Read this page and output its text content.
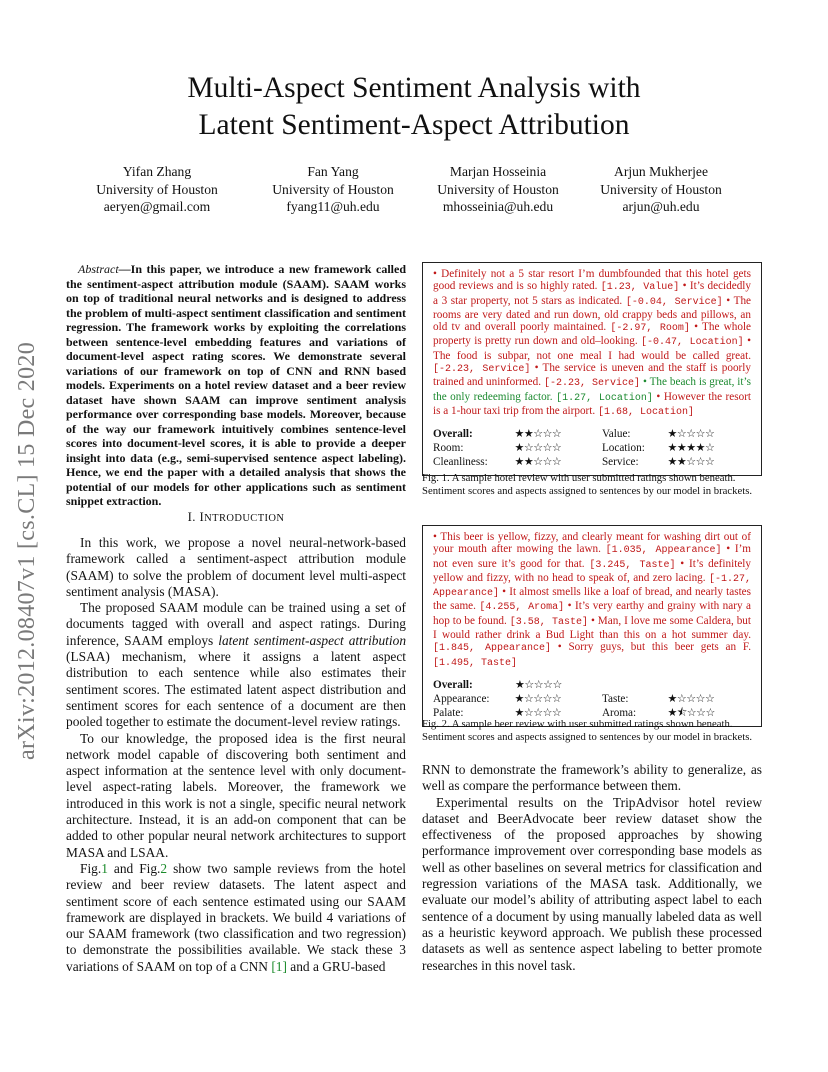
arXiv:2012.08407v1 [cs.CL] 15 Dec 2020
Multi-Aspect Sentiment Analysis with
Latent Sentiment-Aspect Attribution
Yifan Zhang
University of Houston
aeryen@gmail.com
Fan Yang
University of Houston
fyang11@uh.edu
Marjan Hosseinia
University of Houston
mhosseinia@uh.edu
Arjun Mukherjee
University of Houston
arjun@uh.edu
Abstract—In this paper, we introduce a new framework called the sentiment-aspect attribution module (SAAM). SAAM works on top of traditional neural networks and is designed to address the problem of multi-aspect sentiment classification and sentiment regression. The framework works by exploiting the correlations between sentence-level embedding features and variations of document-level aspect rating scores. We demonstrate several variations of our framework on top of CNN and RNN based models. Experiments on a hotel review dataset and a beer review dataset have shown SAAM can improve sentiment analysis performance over corresponding base models. Moreover, because of the way our framework intuitively combines sentence-level scores into document-level scores, it is able to provide a deeper insight into data (e.g., semi-supervised sentence aspect labeling). Hence, we end the paper with a detailed analysis that shows the potential of our models for other applications such as sentiment snippet extraction.
I. INTRODUCTION

In this work, we propose a novel neural-network-based framework called a sentiment-aspect attribution module (SAAM) to solve the problem of document level multi-aspect sentiment analysis (MASA).

The proposed SAAM module can be trained using a set of documents tagged with overall and aspect ratings. During inference, SAAM employs latent sentiment-aspect attribution (LSAA) mechanism, where it assigns a latent aspect distribution to each sentence while also estimates their sentiment scores. The estimated latent aspect distribution and sentiment scores for each sentence of a document are then pooled together to estimate the document-level review ratings.

To our knowledge, the proposed idea is the first neural network model capable of discovering both sentiment and aspect information at the sentence level with only document-level aspect-rating labels. Moreover, the framework we introduced in this work is not a single, specific neural network architecture. Instead, it is an add-on component that can be added to other popular neural network architectures to support MASA and LSAA.

Fig.1 and Fig.2 show two sample reviews from the hotel review and beer review datasets. The latent aspect and sentiment score of each sentence estimated using our SAAM framework are displayed in brackets. We build 4 variations of our SAAM framework (two classification and two regression) to demonstrate the possibilities available. We stack these 3 variations of SAAM on top of a CNN [1] and a GRU-based

• Definitely not a 5 star resort I’m dumbfounded that this hotel gets good reviews and is so highly rated. [1.23, Value] • It’s decidedly a 3 star property, not 5 stars as indicated. [-0.04, Service] • The rooms are very dated and run down, old crappy beds and pillows, an old tv and overall poorly maintained. [-2.97, Room] • The whole property is pretty run down and old–looking. [-0.47, Location] • The food is subpar, not one meal I had would be called great. [-2.23, Service] • The service is uneven and the staff is poorly trained and uninformed. [-2.23, Service] • The beach is great, it’s the only redeeming factor. [1.27, Location] • However the resort is a 1-hour taxi trip from the airport. [1.68, Location]
Overall:	★★☆☆☆	Value:	★☆☆☆☆
Room:	★☆☆☆☆	Location:	★★★★☆
Cleanliness:	★★☆☆☆	Service:	★★☆☆☆
Fig. 1. A sample hotel review with user submitted ratings shown beneath.
Sentiment scores and aspects assigned to sentences by our model in brackets.
• This beer is yellow, fizzy, and clearly meant for washing dirt out of your mouth after mowing the lawn. [1.035, Appearance] • I’m not even sure it’s good for that. [3.245, Taste] • It’s definitely yellow and fizzy, with no head to speak of, and zero lacing. [-1.27, Appearance] • It almost smells like a loaf of bread, and nearly tastes the same. [4.255, Aroma] • It’s very earthy and grainy with nary a hop to be found. [3.58, Taste] • Man, I love me some Caldera, but I would rather drink a Bud Light than this on a hot summer day. [1.845, Appearance] • Sorry guys, but this beer gets an F. [1.495, Taste]
Overall:	★☆☆☆☆
Appearance:	★☆☆☆☆	Taste:	★☆☆☆☆
Palate:	★☆☆☆☆	Aroma:	★⯪☆☆☆
Fig. 2. A sample beer review with user submitted ratings shown beneath.
Sentiment scores and aspects assigned to sentences by our model in brackets.

RNN to demonstrate the framework’s ability to generalize, as well as compare the performance between them.

Experimental results on the TripAdvisor hotel review dataset and BeerAdvocate beer review dataset show the effectiveness of the proposed approaches by showing performance improvement over corresponding base models as well as other baselines on several metrics for classification and regression variations of the MASA task. Additionally, we evaluate our model’s ability of attributing aspect label to each sentence of a document by using manually labeled data as well as a heuristic keyword approach. We publish these processed datasets as well as sentence aspect labeling to better promote researches in this novel task.
